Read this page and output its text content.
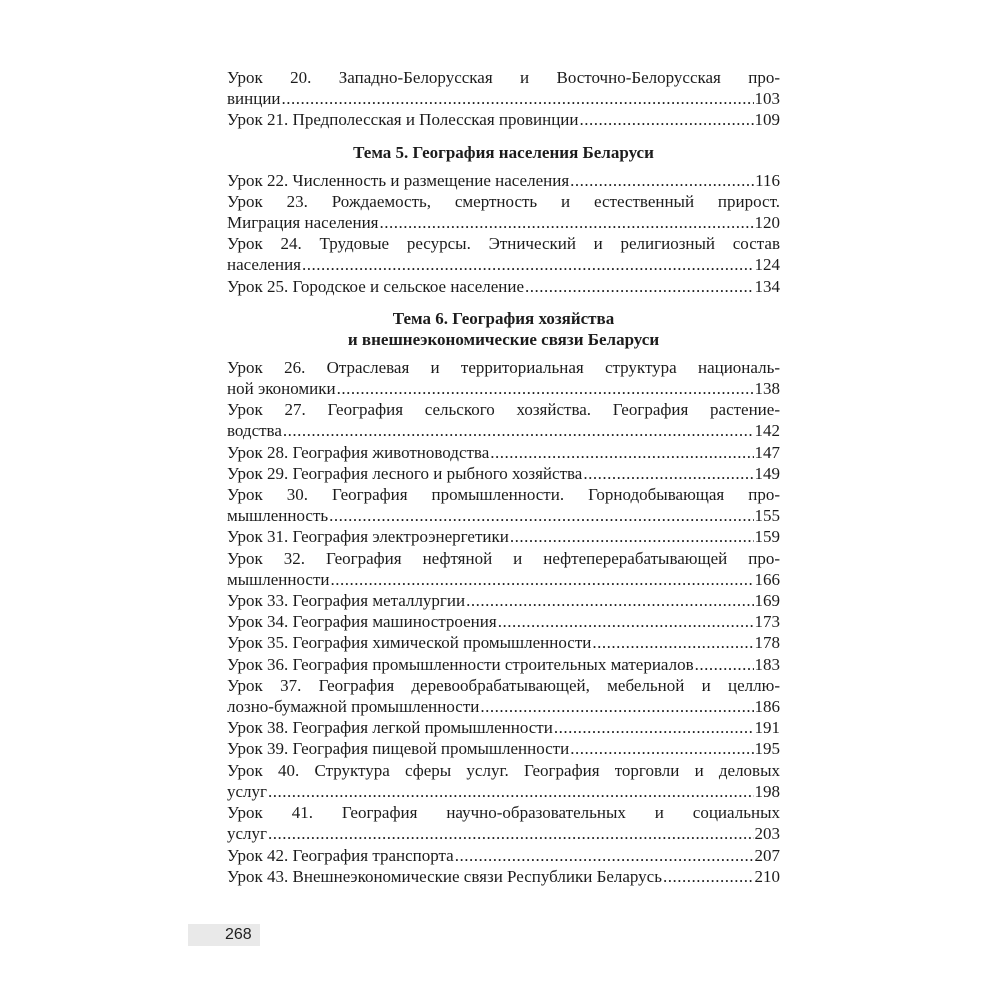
Урок 20. Западно-Белорусская и Восточно-Белорусская про-
винции .....	103
Урок 21. Предполесская и Полесская провинции .....	109
Тема 5. География населения Беларуси
Урок 22. Численность и размещение населения .....	116
Урок 23. Рождаемость, смертность и естественный прирост.
Миграция населения .....	120
Урок 24. Трудовые ресурсы. Этнический и религиозный состав
населения .....	124
Урок 25. Городское и сельское население .....	134
Тема 6. География хозяйства
и внешнеэкономические связи Беларуси
Урок 26. Отраслевая и территориальная структура националь-
ной экономики .....	138
Урок 27. География сельского хозяйства. География растение-
водства .....	142
Урок 28. География животноводства .....	147
Урок 29. География лесного и рыбного хозяйства .....	149
Урок 30. География промышленности. Горнодобывающая про-
мышленность .....	155
Урок 31. География электроэнергетики .....	159
Урок 32. География нефтяной и нефтеперерабатывающей про-
мышленности .....	166
Урок 33. География металлургии .....	169
Урок 34. География машиностроения .....	173
Урок 35. География химической промышленности .....	178
Урок 36. География промышленности строительных материалов .....	183
Урок 37. География деревообрабатывающей, мебельной и целлю-
лозно-бумажной промышленности .....	186
Урок 38. География легкой промышленности .....	191
Урок 39. География пищевой промышленности .....	195
Урок 40. Структура сферы услуг. География торговли и деловых
услуг .....	198
Урок 41. География научно-образовательных и социальных
услуг .....	203
Урок 42. География транспорта .....	207
Урок 43. Внешнеэкономические связи Республики Беларусь .....	210
268
